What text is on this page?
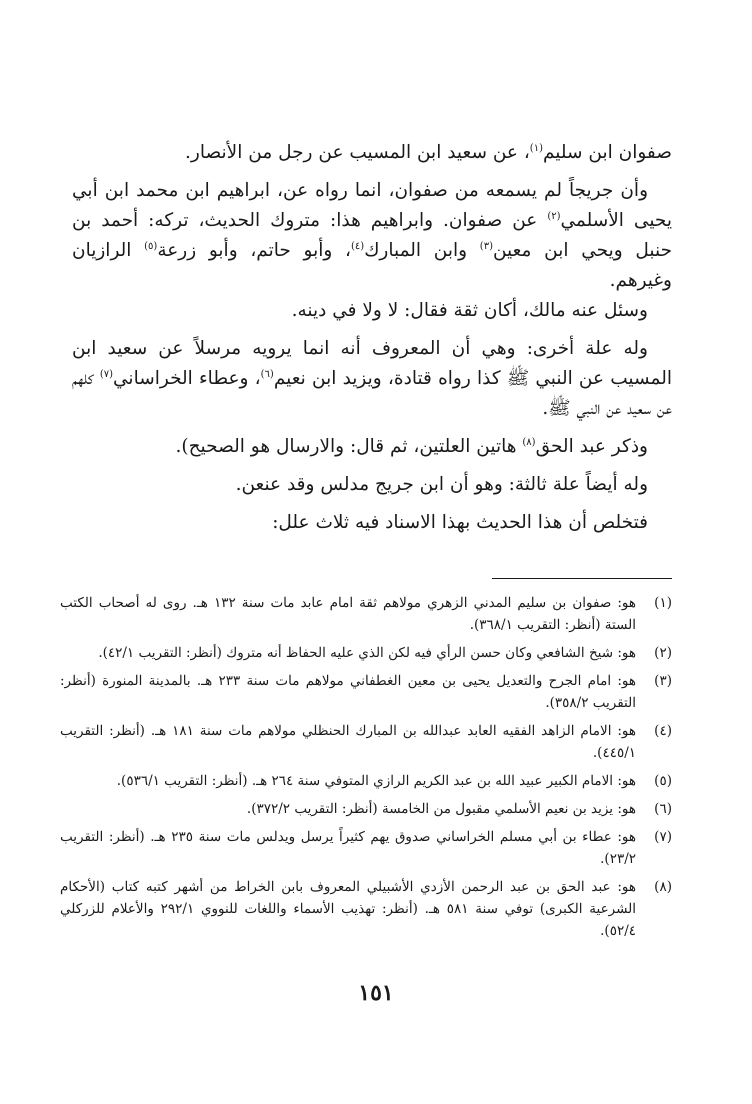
صفوان ابن سليم$^{(١)}$، عن سعيد ابن المسيب عن رجل من الأنصار.

وأن جريجاً لم يسمعه من صفوان، انما رواه عن، ابراهيم ابن محمد ابن أبي يحيى الأسلمي$^{(٢)}$ عن صفوان. وابراهيم هذا: متروك الحديث، تركه: أحمد بن حنبل ويحي ابن معين$^{(٣)}$ وابن المبارك$^{(٤)}$، وأبو حاتم، وأبو زرعة$^{(٥)}$ الرازيان وغيرهم.
وسئل عنه مالك، أكان ثقة فقال: لا ولا في دينه.

وله علة أخرى: وهي أن المعروف أنه انما يرويه مرسلاً عن سعيد ابن المسيب عن النبي ﷺ كذا رواه قتادة، ويزيد ابن نعيم$^{(٦)}$، وعطاء الخراساني$^{(٧)}$ كلهم عن سعيد عن النبي ﷺ.

وذكر عبد الحق$^{(٨)}$ هاتين العلتين، ثم قال: والارسال هو الصحيح).

وله أيضاً علة ثالثة: وهو أن ابن جريج مدلس وقد عنعن.

فتخلص أن هذا الحديث بهذا الاسناد فيه ثلاث علل:

(١)
هو: صفوان بن سليم المدني الزهري مولاهم ثقة امام عابد مات سنة ١٣٢ هـ. روى له أصحاب الكتب الستة (أنظر: التقريب ٣٦٨/١).
(٢)
هو: شيخ الشافعي وكان حسن الرأي فيه لكن الذي عليه الحفاظ أنه متروك (أنظر: التقريب ٤٢/١).
(٣)
هو: امام الجرح والتعديل يحيى بن معين الغطفاني مولاهم مات سنة ٢٣٣ هـ. بالمدينة المنورة (أنظر: التقريب ٣٥٨/٢).
(٤)
هو: الامام الزاهد الفقيه العابد عبدالله بن المبارك الحنظلي مولاهم مات سنة ١٨١ هـ. (أنظر: التقريب ٤٤٥/١).
(٥)
هو: الامام الكبير عبيد الله بن عبد الكريم الرازي المتوفي سنة ٢٦٤ هـ. (أنظر: التقريب ٥٣٦/١).
(٦)
هو: يزيد بن نعيم الأسلمي مقبول من الخامسة (أنظر: التقريب ٣٧٢/٢).
(٧)
هو: عطاء بن أبي مسلم الخراساني صدوق يهم كثيراً يرسل ويدلس مات سنة ٢٣٥ هـ. (أنظر: التقريب ٢٣/٢).
(٨)
هو: عبد الحق بن عبد الرحمن الأزدي الأشبيلي المعروف بابن الخراط من أشهر كتبه كتاب (الأحكام الشرعية الكبرى) توفي سنة ٥٨١ هـ. (أنظر: تهذيب الأسماء واللغات للنووي ٢٩٢/١ والأعلام للزركلي ٥٢/٤).
١٥١
